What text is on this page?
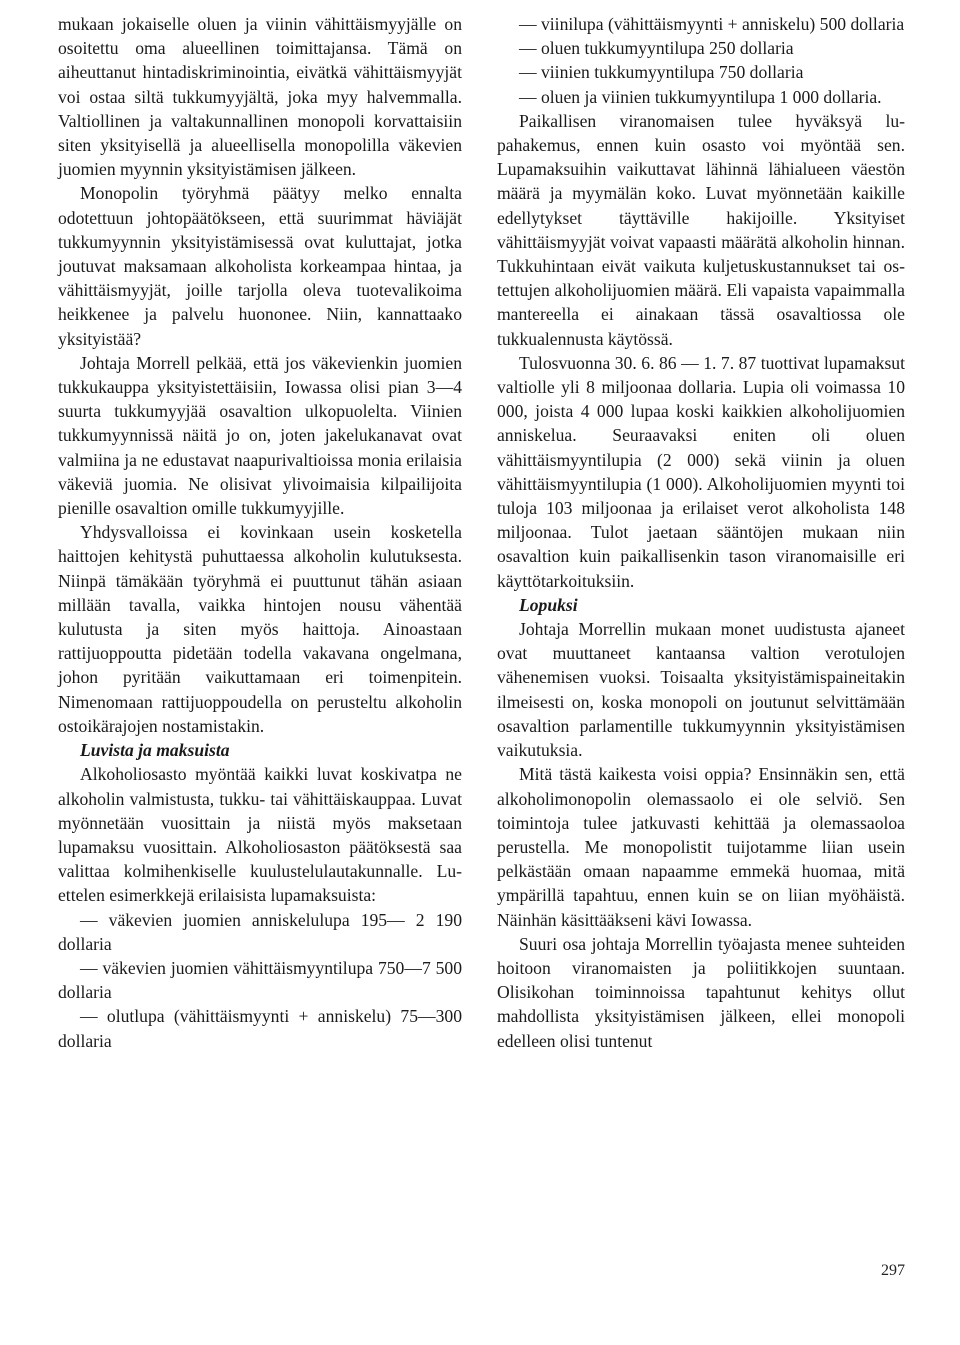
mukaan jokaiselle oluen ja viinin vähittäismyyjälle on osoitettu oma alueellinen toimittajansa. Tämä on aiheuttanut hintadiskriminointia, eivätkä vähittäismyyjät voi ostaa siltä tukkumyyjältä, joka myy halvemmalla. Valtiollinen ja valtakunnallinen monopoli korvattaisiin siten yksityisellä ja alueellisella monopolilla väkevien juomien myynnin yksityistämisen jälkeen.

Monopolin työryhmä päätyy melko ennalta odotettuun johtopäätökseen, että suurimmat häviäjät tukkumyynnin yksityistämisessä ovat kuluttajat, jotka joutuvat maksamaan alkoholista korkeampaa hintaa, ja vähittäismyyjät, joille tarjolla oleva tuotevalikoima heikkenee ja palvelu huononee. Niin, kannattaako yksityistää?

Johtaja Morrell pelkää, että jos väkevienkin juomien tukkukauppa yksityistettäisiin, Iowassa olisi pian 3—4 suurta tukkumyyjää osavaltion ulkopuolelta. Viinien tukkumyynnissä näitä jo on, joten jakelukanavat ovat valmiina ja ne edustavat naapurivaltioissa monia erilaisia väkeviä juomia. Ne olisivat ylivoimaisia kilpailijoita pienille osavaltion omille tukkumyyjille.

Yhdysvalloissa ei kovinkaan usein kosketella haittojen kehitystä puhuttaessa alkoholin kulutuksesta. Niinpä tämäkään työryhmä ei puuttunut tähän asiaan millään tavalla, vaikka hintojen nousu vähentää kulutusta ja siten myös haittoja. Ainoastaan rattijuoppoutta pidetään todella vakavana ongelmana, johon pyritään vaikuttamaan eri toimenpitein. Nimenomaan rattijuoppoudella on perusteltu alkoholin ostoikärajojen nostamistakin.

Luvista ja maksuista

Alkoholiosasto myöntää kaikki luvat koskivatpa ne alkoholin valmistusta, tukku- tai vähittäiskauppaa. Luvat myönnetään vuosittain ja niistä myös maksetaan lupamaksu vuosittain. Alkoholiosaston päätöksestä saa valittaa kolmihenkiselle kuulustelulautakunnalle. Luettelen esimerkkejä erilaisista lupamaksuista:

— väkevien juomien anniskelulupa 195— 2 190 dollaria

— väkevien juomien vähittäismyyntilupa 750—7 500 dollaria

— olutlupa (vähittäismyynti + anniskelu) 75—300 dollaria

— viinilupa (vähittäismyynti + anniskelu) 500 dollaria

— oluen tukkumyyntilupa 250 dollaria

— viinien tukkumyyntilupa 750 dollaria

— oluen ja viinien tukkumyyntilupa 1 000 dollaria.

Paikallisen viranomaisen tulee hyväksyä lupahakemus, ennen kuin osasto voi myöntää sen. Lupamaksuihin vaikuttavat lähinnä lähialueen väestön määrä ja myymälän koko. Luvat myönnetään kaikille edellytykset täyttäville hakijoille. Yksityiset vähittäismyyjät voivat vapaasti määrätä alkoholin hinnan. Tukkuhintaan eivät vaikuta kuljetuskustannukset tai ostettujen alkoholijuomien määrä. Eli vapaista vapaimmalla mantereella ei ainakaan tässä osavaltiossa ole tukkualennusta käytössä.

Tulosvuonna 30. 6. 86 — 1. 7. 87 tuottivat lupamaksut valtiolle yli 8 miljoonaa dollaria. Lupia oli voimassa 10 000, joista 4 000 lupaa koski kaikkien alkoholijuomien anniskelua. Seuraavaksi eniten oli oluen vähittäismyyntilupia (2 000) sekä viinin ja oluen vähittäismyyntilupia (1 000). Alkoholijuomien myynti toi tuloja 103 miljoonaa ja erilaiset verot alkoholista 148 miljoonaa. Tulot jaetaan sääntöjen mukaan niin osavaltion kuin paikallisenkin tason viranomaisille eri käyttötarkoituksiin.

Lopuksi

Johtaja Morrellin mukaan monet uudistusta ajaneet ovat muuttaneet kantaansa valtion verotulojen vähenemisen vuoksi. Toisaalta yksityistämispaineitakin ilmeisesti on, koska monopoli on joutunut selvittämään osavaltion parlamentille tukkumyynnin yksityistämisen vaikutuksia.

Mitä tästä kaikesta voisi oppia? Ensinnäkin sen, että alkoholimonopolin olemassaolo ei ole selviö. Sen toimintoja tulee jatkuvasti kehittää ja olemassaoloa perustella. Me monopolistit tuijotamme liian usein pelkästään omaan napaamme emmekä huomaa, mitä ympärillä tapahtuu, ennen kuin se on liian myöhäistä. Näinhän käsittääkseni kävi Iowassa.

Suuri osa johtaja Morrellin työajasta menee suhteiden hoitoon viranomaisten ja poliitikkojen suuntaan. Olisikohan toiminnoissa tapahtunut kehitys ollut mahdollista yksityistämisen jälkeen, ellei monopoli edelleen olisi tuntenut

297
